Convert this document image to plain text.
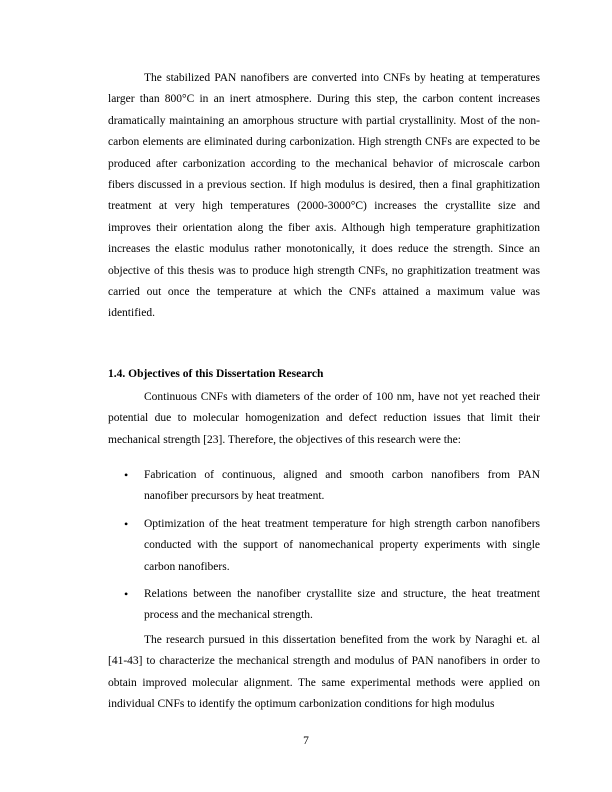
The stabilized PAN nanofibers are converted into CNFs by heating at temperatures larger than 800°C in an inert atmosphere. During this step, the carbon content increases dramatically maintaining an amorphous structure with partial crystallinity. Most of the non-carbon elements are eliminated during carbonization. High strength CNFs are expected to be produced after carbonization according to the mechanical behavior of microscale carbon fibers discussed in a previous section. If high modulus is desired, then a final graphitization treatment at very high temperatures (2000-3000°C) increases the crystallite size and improves their orientation along the fiber axis. Although high temperature graphitization increases the elastic modulus rather monotonically, it does reduce the strength. Since an objective of this thesis was to produce high strength CNFs, no graphitization treatment was carried out once the temperature at which the CNFs attained a maximum value was identified.

1.4. Objectives of this Dissertation Research

Continuous CNFs with diameters of the order of 100 nm, have not yet reached their potential due to molecular homogenization and defect reduction issues that limit their mechanical strength [23]. Therefore, the objectives of this research were the:

• Fabrication of continuous, aligned and smooth carbon nanofibers from PAN nanofiber precursors by heat treatment.
• Optimization of the heat treatment temperature for high strength carbon nanofibers conducted with the support of nanomechanical property experiments with single carbon nanofibers.
• Relations between the nanofiber crystallite size and structure, the heat treatment process and the mechanical strength.

The research pursued in this dissertation benefited from the work by Naraghi et. al [41-43] to characterize the mechanical strength and modulus of PAN nanofibers in order to obtain improved molecular alignment. The same experimental methods were applied on individual CNFs to identify the optimum carbonization conditions for high modulus

7
